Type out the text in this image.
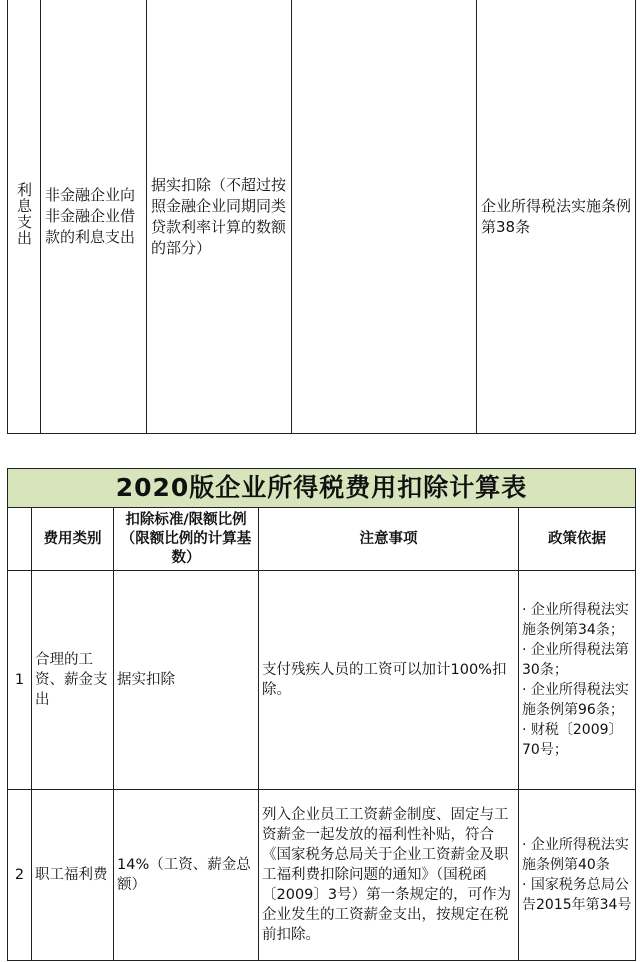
利息支出	非金融企业向非金融企业借款的利息支出	据实扣除（不超过按照金融企业同期同类贷款利率计算的数额的部分）		企业所得税法实施条例第38条
2020版企业所得税费用扣除计算表				
	费用类别	扣除标准/限额比例（限额比例的计算基数）	注意事项	政策依据
1	合理的工资、薪金支出	据实扣除	支付残疾人员的工资可以加计100%扣除。	· 企业所得税法实施条例第34条；
· 企业所得税法第30条；
· 企业所得税法实施条例第96条；
· 财税〔2009〕70号；

2	职工福利费	14%（工资、薪金总额）	列入企业员工工资薪金制度、固定与工资薪金一起发放的福利性补贴，符合《国家税务总局关于企业工资薪金及职工福利费扣除问题的通知》（国税函〔2009〕3号）第一条规定的，可作为企业发生的工资薪金支出，按规定在税前扣除。	· 企业所得税法实施条例第40条
· 国家税务总局公告2015年第34号
